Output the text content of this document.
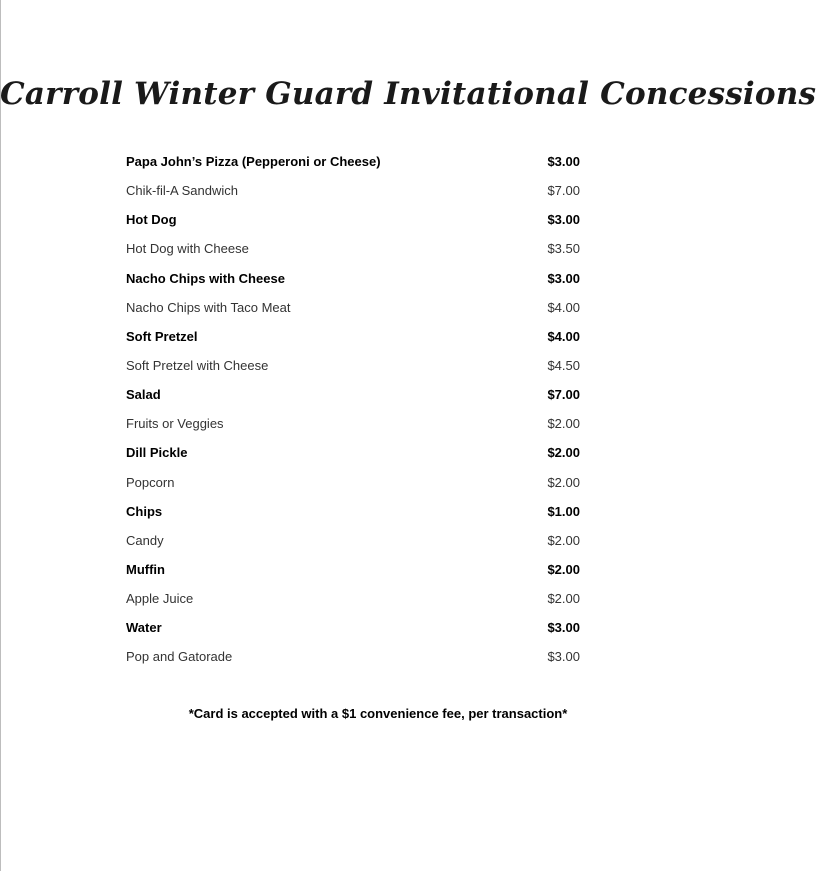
Carroll Winter Guard Invitational Concessions
Papa John’s Pizza (Pepperoni or Cheese)	$3.00
Chik-fil-A Sandwich	$7.00
Hot Dog	$3.00
Hot Dog with Cheese	$3.50
Nacho Chips with Cheese	$3.00
Nacho Chips with Taco Meat	$4.00
Soft Pretzel	$4.00
Soft Pretzel with Cheese	$4.50
Salad	$7.00
Fruits or Veggies	$2.00
Dill Pickle	$2.00
Popcorn	$2.00
Chips	$1.00
Candy	$2.00
Muffin	$2.00
Apple Juice	$2.00
Water	$3.00
Pop and Gatorade	$3.00

*Card is accepted with a $1 convenience fee, per transaction*
